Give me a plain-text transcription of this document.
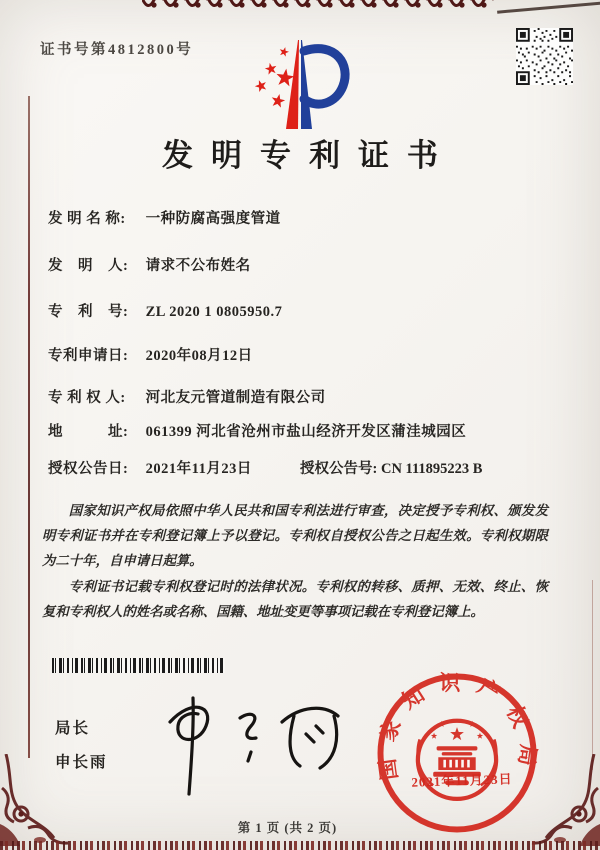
证书号第4812800号
发明专利证书
发 明 名 称: 一种防腐高强度管道
发　明　人: 请求不公布姓名
专　利　号: ZL 2020 1 0805950.7
专利申请日: 2020年08月12日
专 利 权 人: 河北友元管道制造有限公司
地　　　址: 061399 河北省沧州市盐山经济开发区蒲洼城园区
授权公告日: 2021年11月23日	授权公告号: CN 111895223 B

国家知识产权局依照中华人民共和国专利法进行审查，决定授予专利权、颁发发明专利证书并在专利登记簿上予以登记。专利权自授权公告之日起生效。专利权期限为二十年，自申请日起算。

专利证书记载专利权登记时的法律状况。专利权的转移、质押、无效、终止、恢复和专利权人的姓名或名称、国籍、地址变更等事项记载在专利登记簿上。

局长
申长雨	国家知识产权局
2021年11月23日
第 1 页 (共 2 页)
